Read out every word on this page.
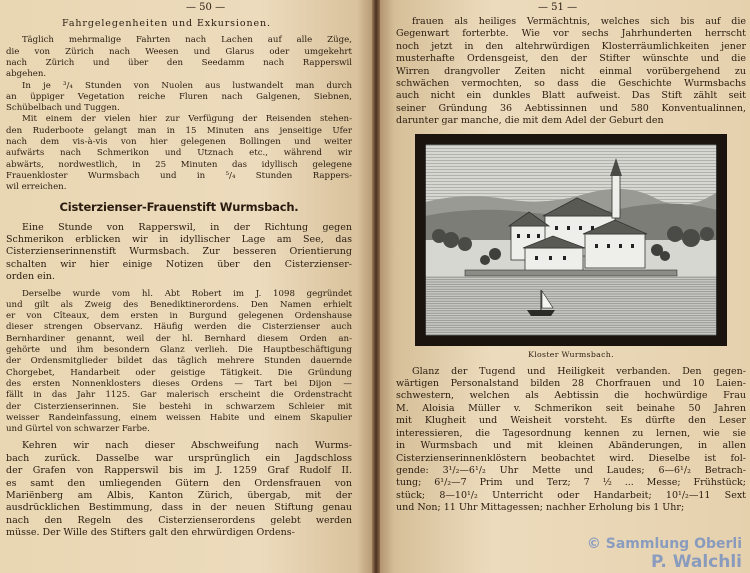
— 50 —
Fahrgelegenheiten und Exkursionen.
Täglich mehrmalige Fahrten nach Lachen auf alle Züge,
die von Zürich nach Weesen und Glarus oder umgekehrt
nach Zürich und über den Seedamm nach Rapperswil
abgehen.
In je ³/₄ Stunden von Nuolen aus lustwandelt man durch
an üppiger Vegetation reiche Fluren nach Galgenen, Siebnen,
Schübelbach und Tuggen.
Mit einem der vielen hier zur Verfügung der Reisenden stehen-
den Ruderboote gelangt man in 15 Minuten ans jenseitige Ufer
nach dem vis-à-vis von hier gelegenen Bollingen und weiter
aufwärts nach Schmerikon und Utznach etc., während wir
abwärts, nordwestlich, in 25 Minuten das idyllisch gelegene
Frauenkloster Wurmsbach und in ⁵/₄ Stunden Rappers-
wil erreichen.
Cisterzienser-Frauenstift Wurmsbach.
Eine Stunde von Rapperswil, in der Richtung gegen
Schmerikon erblicken wir in idyllischer Lage am See, das
Cisterzienserinnenstift Wurmsbach. Zur besseren Orientierung
schalten wir hier einige Notizen über den Cisterzienser-
orden ein.
Derselbe wurde vom hl. Abt Robert im J. 1098 gegründet
und gilt als Zweig des Benediktinerordens. Den Namen erhielt
er von Cîteaux, dem ersten in Burgund gelegenen Ordenshause
dieser strengen Observanz. Häufig werden die Cisterzienser auch
Bernhardiner genannt, weil der hl. Bernhard diesem Orden an-
gehörte und ihm besondern Glanz verlieh. Die Hauptbeschäftigung
der Ordensmitglieder bildet das täglich mehrere Stunden dauernde
Chorgebet, Handarbeit oder geistige Tätigkeit. Die Gründung
des ersten Nonnenklosters dieses Ordens — Tart bei Dijon —
fällt in das Jahr 1125. Gar malerisch erscheint die Ordenstracht
der Cisterzienserinnen. Sie bestehi in schwarzem Schleier mit
weisser Randeinfassung, einem weissen Habite und einem Skapulier
und Gürtel von schwarzer Farbe.
Kehren wir nach dieser Abschweifung nach Wurms-
bach zurück. Dasselbe war ursprünglich ein Jagdschloss
der Grafen von Rapperswil bis im J. 1259 Graf Rudolf II.
es samt den umliegenden Gütern den Ordensfrauen von
Mariënberg am Albis, Kanton Zürich, übergab, mit der
ausdrücklichen Bestimmung, dass in der neuen Stiftung genau
nach den Regeln des Cisterzienserordens gelebt werden
müsse. Der Wille des Stifters galt den ehrwürdigen Ordens-
— 51 —
frauen als heiliges Vermächtnis, welches sich bis auf die
Gegenwart forterbte. Wie vor sechs Jahrhunderten herrscht
noch jetzt in den altehrwürdigen Klosterräumlichkeiten jener
musterhafte Ordensgeist, den der Stifter wünschte und die
Wirren drangvoller Zeiten nicht einmal vorübergehend zu
schwächen vermochten, so dass die Geschichte Wurmsbachs
auch nicht ein dunkles Blatt aufweist. Das Stift zählt seit
seiner Gründung 36 Aebtissinnen und 580 Konventualinnen,
darunter gar manche, die mit dem Adel der Geburt den
Kloster Wurmsbach.
Glanz der Tugend und Heiligkeit verbanden. Den gegen-
wärtigen Personalstand bilden 28 Chorfrauen und 10 Laien-
schwestern, welchen als Aebtissin die hochwürdige Frau
M. Aloisia Müller v. Schmerikon seit beinahe 50 Jahren
mit Klugheit und Weisheit vorsteht. Es dürfte den Leser
interessieren, die Tagesordnung kennen zu lernen, wie sie
in Wurmsbach und mit kleinen Abänderungen, in allen
Cisterzienserinnenklöstern beobachtet wird. Dieselbe ist fol-
gende: 3¹/₂—6¹/₂ Uhr Mette und Laudes; 6—6¹/₂ Betrach-
tung; 6¹/₂—7 Prim und Terz; 7 ½ ... Messe; Frühstück;
stück; 8—10¹/₂ Unterricht oder Handarbeit; 10¹/₂—11 Sext
und Non; 11 Uhr Mittagessen; nachher Erholung bis 1 Uhr;
© Sammlung Oberli
P. Walchli
